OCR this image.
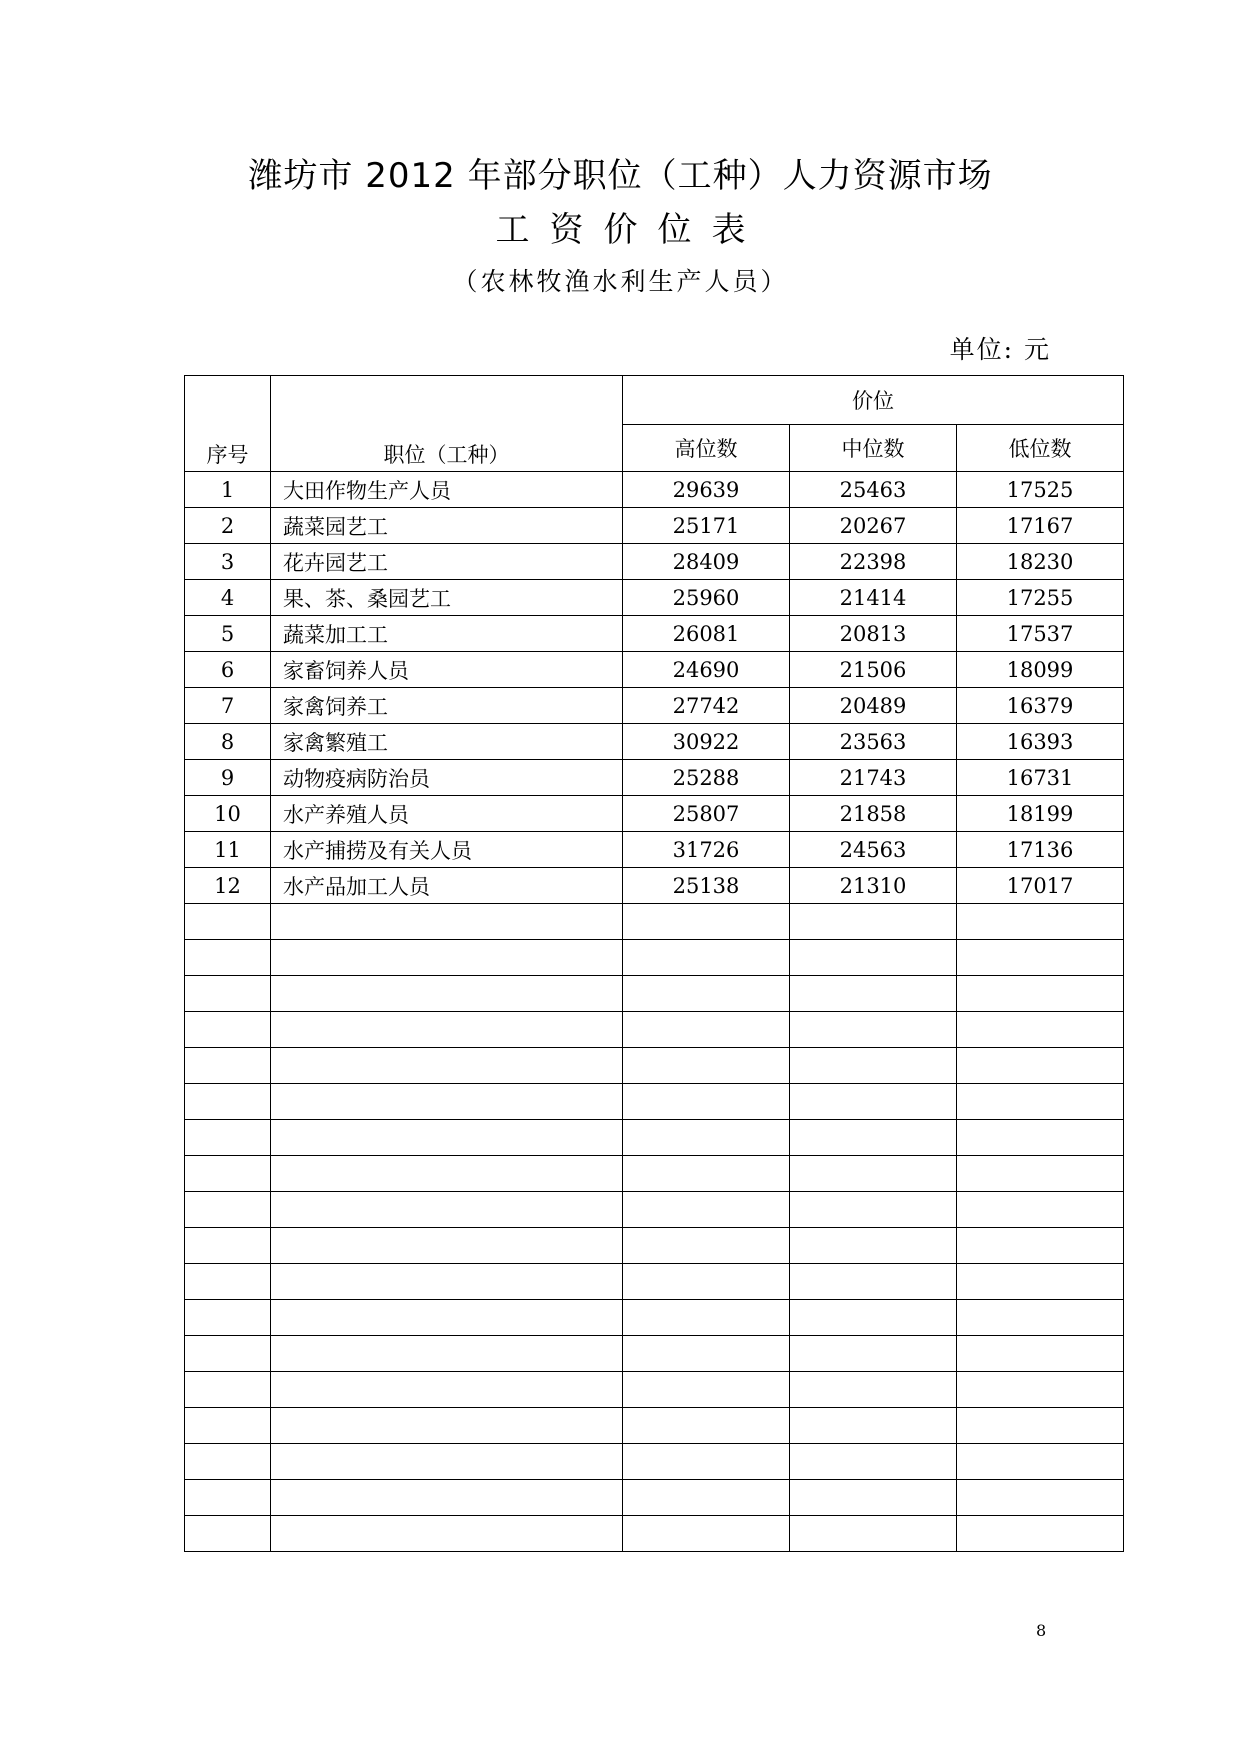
潍坊市 2012 年部分职位（工种）人力资源市场
工资价位表
（农林牧渔水利生产人员）
单位: 元
序号	职位（工种）	价位		
		高位数	中位数	低位数
1	大田作物生产人员	29639	25463	17525
2	蔬菜园艺工	25171	20267	17167
3	花卉园艺工	28409	22398	18230
4	果、茶、桑园艺工	25960	21414	17255
5	蔬菜加工工	26081	20813	17537
6	家畜饲养人员	24690	21506	18099
7	家禽饲养工	27742	20489	16379
8	家禽繁殖工	30922	23563	16393
9	动物疫病防治员	25288	21743	16731
10	水产养殖人员	25807	21858	18199
11	水产捕捞及有关人员	31726	24563	17136
12	水产品加工人员	25138	21310	17017

8
